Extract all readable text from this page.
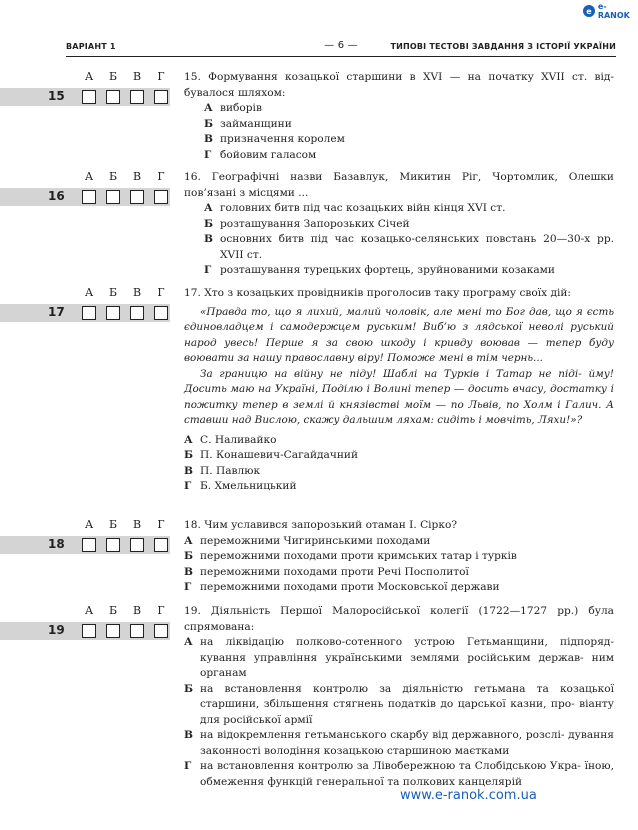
e e-RANOK
ВАРІАНТ 1	— 6 —	ТИПОВІ ТЕСТОВІ ЗАВДАННЯ З ІСТОРІЇ УКРАЇНИ
А Б В	Г
15
15. Формування козацької старшини в XVI — на початку XVII ст. від- бувалося шляхом:
А виборів
Б займанщини
В призначення королем
Г бойовим галасом
А Б В	Г
16
16. Географічні назви Базавлук, Микитин Ріг, Чортомлик, Олешки пов’язані з місцями ...
А головних битв під час козацьких війн кінця XVI ст.
Б розташування Запорозьких Січей
В основних битв під час козацько-селянських повстань 20—30-х рр. XVII ст.
Г розташування турецьких фортець, зруйнованими козаками
А Б В	Г
17
17. Хто з козацьких провідників проголосив таку програму своїх дій:

«Правда то, що я лихий, малий чоловік, але мені то Бог дав, що я єсть єдиновладцем і самодержцем руським! Виб’ю з лядської неволі руський народ увесь! Перше я за свою шкоду і кривду воював — тепер буду воювати за нашу православну віру! Поможе мені в тім чернь...

За границю на війну не піду! Шаблі на Турків і Татар не піді- йму! Досить маю на Україні, Поділю і Волині тепер — досить вчасу, достатку і пожитку тепер в землі й князівстві моїм — по Львів, по Холм і Галич. А ставши над Вислою, скажу дальшим ляхам: сидіть і мовчіть, Ляхи!»?

А С. Наливайко
Б П. Конашевич-Сагайдачний
В П. Павлюк
Г Б. Хмельницький
А Б В	Г
18
18. Чим уславився запорозький отаман І. Сірко?
А переможними Чигиринськими походами
Б переможними походами проти кримських татар і турків
В переможними походами проти Речі Посполитої
Г переможними походами проти Московської держави
А Б В	Г
19
19. Діяльність Першої Малоросійської колегії (1722—1727 рр.) була спрямована:
А на ліквідацію полково-сотенного устрою Гетьманщини, підпоряд- кування управління українськими землями російським держав- ним органам
Б на встановлення контролю за діяльністю гетьмана та козацької старшини, збільшення стягнень податків до царської казни, про- віанту для російської армії
В на відокремлення гетьманського скарбу від державного, розслі- дування законності володіння козацькою старшиною маєтками
Г на встановлення контролю за Лівобережною та Слобідською Укра- їною, обмеження функцій генеральної та полкових канцелярій
www.e-ranok.com.ua
